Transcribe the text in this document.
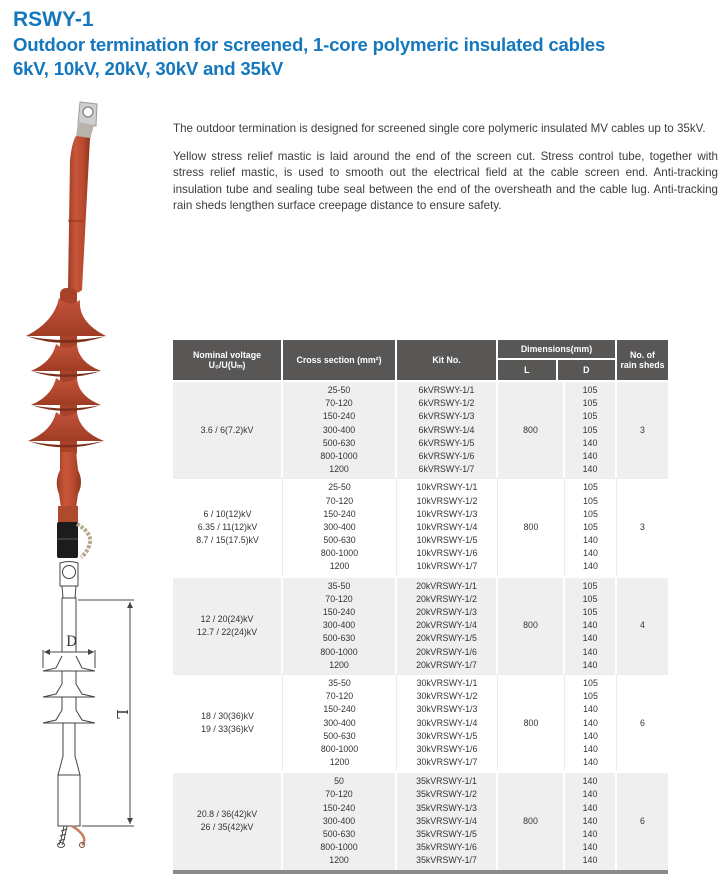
RSWY-1
Outdoor termination for screened, 1-core polymeric insulated cables
6kV, 10kV, 20kV, 30kV and 35kV

The outdoor termination is designed for screened single core polymeric insulated MV cables up to 35kV.

Yellow stress relief mastic is laid around the end of the screen cut. Stress control tube, together with stress relief mastic, is used to smooth out the electrical field at the cable screen end. Anti-tracking insulation tube and sealing tube seal between the end of the oversheath and the cable lug. Anti-tracking rain sheds lengthen surface creepage distance to ensure safety.

D
L
Nominal voltage
U₀/U(Uₘ)
Cross section (mm²)	Kit No.
Dimensions(mm)
L	D
No. of
rain sheds
3.6 / 6(7.2)kV
25-50
70-120
150-240
300-400
500-630
800-1000
1200
6kVRSWY-1/1
6kVRSWY-1/2
6kVRSWY-1/3
6kVRSWY-1/4
6kVRSWY-1/5
6kVRSWY-1/6
6kVRSWY-1/7
800
105
105
105
105
140
140
140
3
6 / 10(12)kV
6.35 / 11(12)kV
8.7 / 15(17.5)kV
25-50
70-120
150-240
300-400
500-630
800-1000
1200
10kVRSWY-1/1
10kVRSWY-1/2
10kVRSWY-1/3
10kVRSWY-1/4
10kVRSWY-1/5
10kVRSWY-1/6
10kVRSWY-1/7
800
105
105
105
105
140
140
140
3
12 / 20(24)kV
12.7 / 22(24)kV
35-50
70-120
150-240
300-400
500-630
800-1000
1200
20kVRSWY-1/1
20kVRSWY-1/2
20kVRSWY-1/3
20kVRSWY-1/4
20kVRSWY-1/5
20kVRSWY-1/6
20kVRSWY-1/7
800
105
105
105
140
140
140
140
4
18 / 30(36)kV
19 / 33(36)kV
35-50
70-120
150-240
300-400
500-630
800-1000
1200
30kVRSWY-1/1
30kVRSWY-1/2
30kVRSWY-1/3
30kVRSWY-1/4
30kVRSWY-1/5
30kVRSWY-1/6
30kVRSWY-1/7
800
105
105
140
140
140
140
140
6
20.8 / 36(42)kV
26 / 35(42)kV
50
70-120
150-240
300-400
500-630
800-1000
1200
35kVRSWY-1/1
35kVRSWY-1/2
35kVRSWY-1/3
35kVRSWY-1/4
35kVRSWY-1/5
35kVRSWY-1/6
35kVRSWY-1/7
800
140
140
140
140
140
140
140
6
